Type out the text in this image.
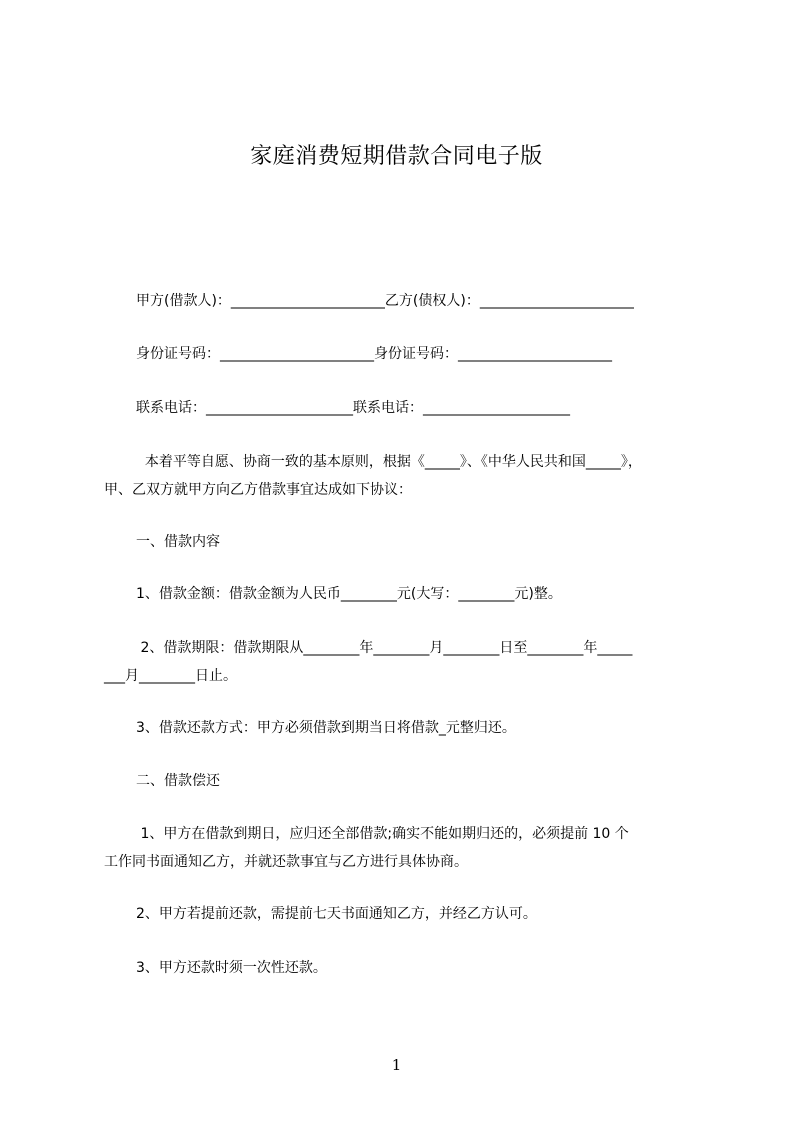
家庭消费短期借款合同电子版
甲方(借款人)：______________________乙方(债权人)：______________________
身份证号码：______________________身份证号码：______________________
联系电话：_____________________联系电话：_____________________
本着平等自愿、协商一致的基本原则，根据《_____》、《中华人民共和国_____》，
甲、乙双方就甲方向乙方借款事宜达成如下协议：
一、借款内容
1、借款金额：借款金额为人民币________元(大写：________元)整。
2、借款期限：借款期限从________年________月________日至________年_____
___月________日止。
3、借款还款方式：甲方必须借款到期当日将借款_元整归还。
二、借款偿还
1、甲方在借款到期日，应归还全部借款;确实不能如期归还的，必须提前 10 个
工作同书面通知乙方，并就还款事宜与乙方进行具体协商。
2、甲方若提前还款，需提前七天书面通知乙方，并经乙方认可。
3、甲方还款时须一次性还款。
1
